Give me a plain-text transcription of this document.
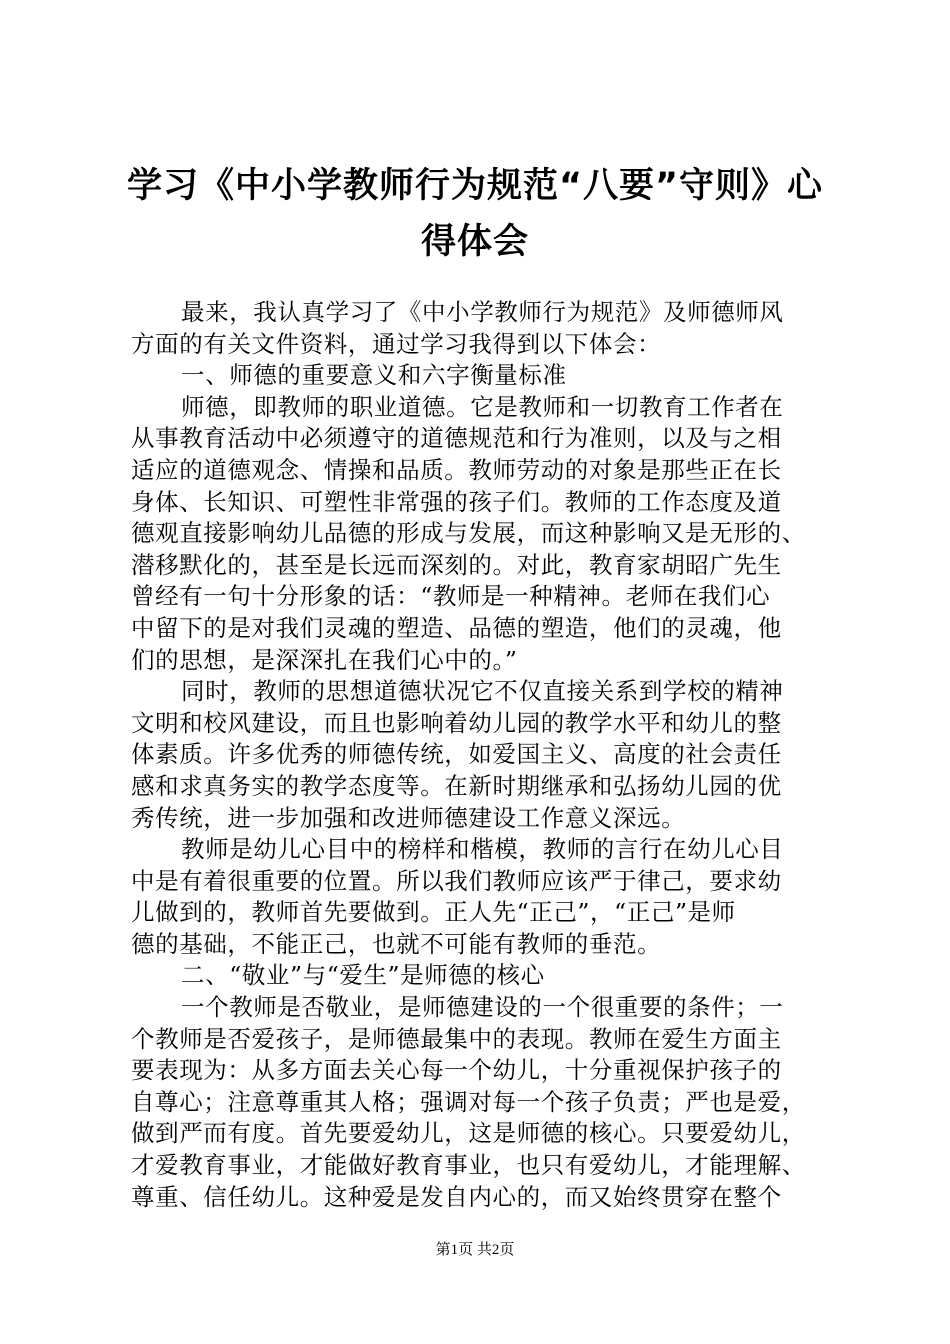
学习《中小学教师行为规范“八要”守则》心
得体会
最来，我认真学习了《中小学教师行为规范》及师德师风
方面的有关文件资料，通过学习我得到以下体会：
一、师德的重要意义和六字衡量标准
师德，即教师的职业道德。它是教师和一切教育工作者在
从事教育活动中必须遵守的道德规范和行为准则，以及与之相
适应的道德观念、情操和品质。教师劳动的对象是那些正在长
身体、长知识、可塑性非常强的孩子们。教师的工作态度及道
德观直接影响幼儿品德的形成与发展，而这种影响又是无形的、
潜移默化的，甚至是长远而深刻的。对此，教育家胡昭广先生
曾经有一句十分形象的话：“教师是一种精神。老师在我们心
中留下的是对我们灵魂的塑造、品德的塑造，他们的灵魂，他
们的思想，是深深扎在我们心中的。”
同时，教师的思想道德状况它不仅直接关系到学校的精神
文明和校风建设，而且也影响着幼儿园的教学水平和幼儿的整
体素质。许多优秀的师德传统，如爱国主义、高度的社会责任
感和求真务实的教学态度等。在新时期继承和弘扬幼儿园的优
秀传统，进一步加强和改进师德建设工作意义深远。
教师是幼儿心目中的榜样和楷模，教师的言行在幼儿心目
中是有着很重要的位置。所以我们教师应该严于律己，要求幼
儿做到的，教师首先要做到。正人先“正己”，“正己”是师
德的基础，不能正己，也就不可能有教师的垂范。
二、“敬业”与“爱生”是师德的核心
一个教师是否敬业，是师德建设的一个很重要的条件；一
个教师是否爱孩子，是师德最集中的表现。教师在爱生方面主
要表现为：从多方面去关心每一个幼儿，十分重视保护孩子的
自尊心；注意尊重其人格；强调对每一个孩子负责；严也是爱，
做到严而有度。首先要爱幼儿，这是师德的核心。只要爱幼儿，
才爱教育事业，才能做好教育事业，也只有爱幼儿，才能理解、
尊重、信任幼儿。这种爱是发自内心的，而又始终贯穿在整个
第1页 共2页
